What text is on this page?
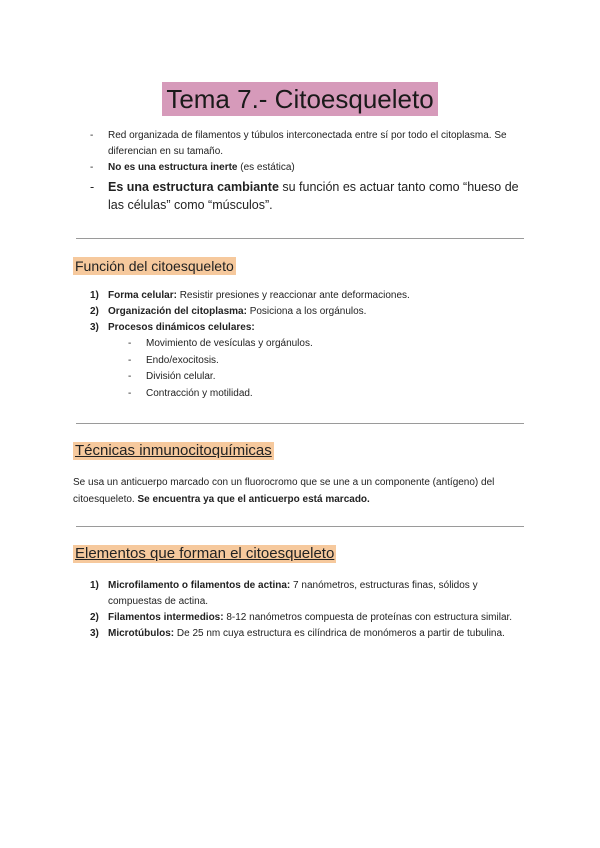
Tema 7.- Citoesqueleto
- Red organizada de filamentos y túbulos interconectada entre sí por todo el citoplasma. Se diferencian en su tamaño.
- No es una estructura inerte (es estática)
- Es una estructura cambiante su función es actuar tanto como “hueso de las células” como “músculos”.
Función del citoesqueleto
1) Forma celular: Resistir presiones y reaccionar ante deformaciones.
2) Organización del citoplasma: Posiciona a los orgánulos.
3) Procesos dinámicos celulares:
- Movimiento de vesículas y orgánulos.
- Endo/exocitosis.
- División celular.
- Contracción y motilidad.
Técnicas inmunocitoquímicas

Se usa un anticuerpo marcado con un fluorocromo que se une a un componente (antígeno) del citoesqueleto. Se encuentra ya que el anticuerpo está marcado.

Elementos que forman el citoesqueleto
1) Microfilamento o filamentos de actina: 7 nanómetros, estructuras finas, sólidos y compuestas de actina.
2) Filamentos intermedios: 8-12 nanómetros compuesta de proteínas con estructura similar.
3) Microtúbulos: De 25 nm cuya estructura es cilíndrica de monómeros a partir de tubulina.
